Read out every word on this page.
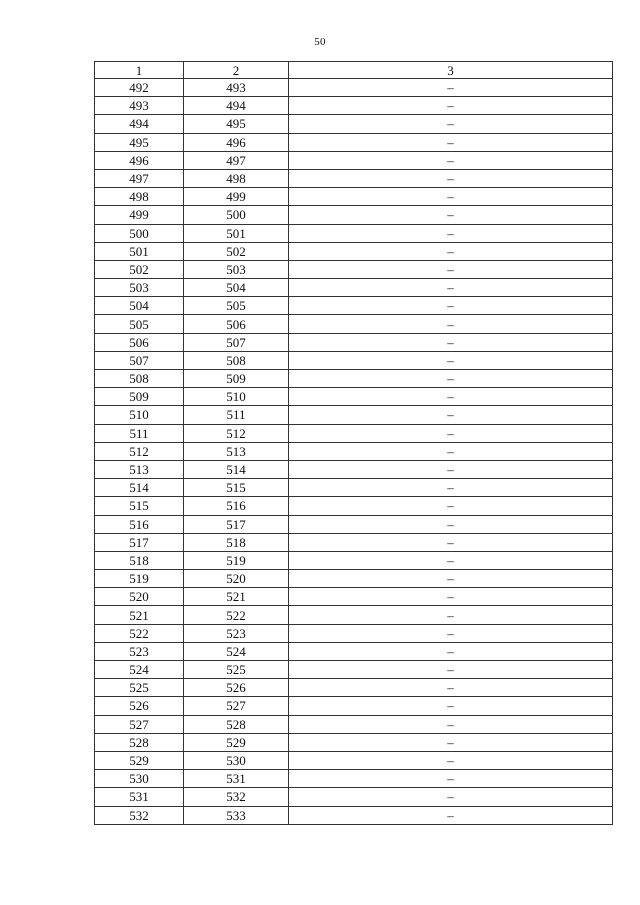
50
1	2	3
492	493	–
493	494	–
494	495	–
495	496	–
496	497	–
497	498	–
498	499	–
499	500	–
500	501	–
501	502	–
502	503	–
503	504	–
504	505	–
505	506	–
506	507	–
507	508	–
508	509	–
509	510	–
510	511	–
511	512	–
512	513	–
513	514	–
514	515	–
515	516	–
516	517	–
517	518	–
518	519	–
519	520	–
520	521	–
521	522	–
522	523	–
523	524	–
524	525	–
525	526	–
526	527	–
527	528	–
528	529	–
529	530	–
530	531	–
531	532	–
532	533	–
